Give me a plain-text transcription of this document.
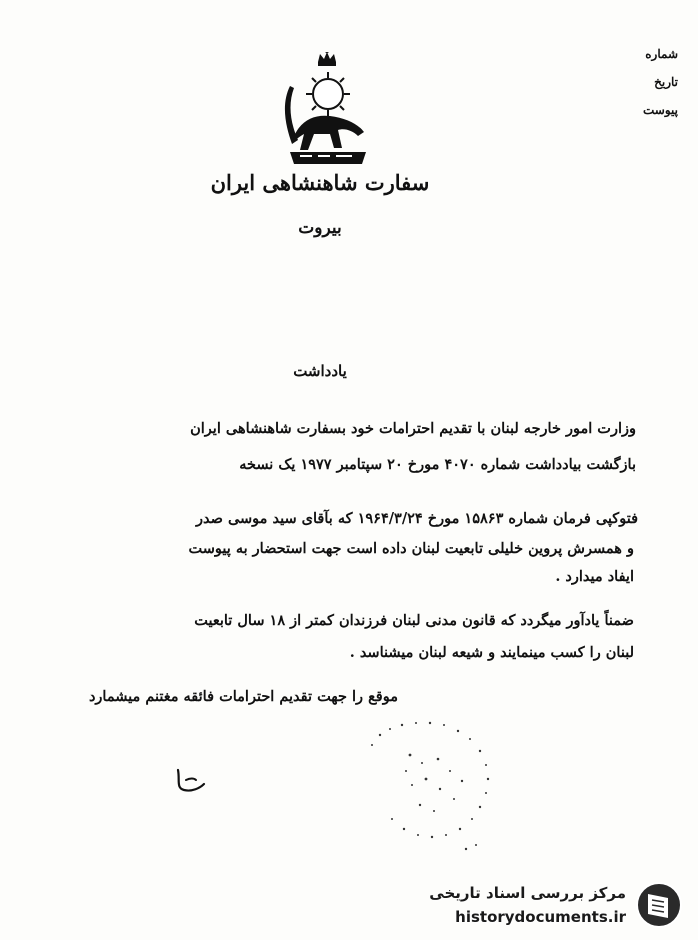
شماره
تاریخ
پیوست
سفارت شاهنشاهی ایران
بیروت
یادداشت
وزارت امور خارجه لبنان با تقدیم احترامات خود بسفارت شاهنشاهی ایران
بازگشت بیادداشت شماره ۴۰۷۰ مورخ ۲۰ سپتامبر ۱۹۷۷ یک نسخه
فتوکپی فرمان شماره ۱۵۸۶۳ مورخ ۱۹۶۴/۳/۲۴ که بآقای سید موسی صدر
و همسرش پروین خلیلی تابعیت لبنان داده است جهت استحضار به پیوست
ایفاد میدارد .
ضمناً یادآور میگردد که قانون مدنی لبنان فرزندان کمتر از ۱۸ سال تابعیت
لبنان را کسب مینمایند و شیعه لبنان میشناسد .
موقع را جهت تقدیم احترامات فائقه مغتنم میشمارد
مرکز بررسی اسناد تاریخی
historydocuments.ir
